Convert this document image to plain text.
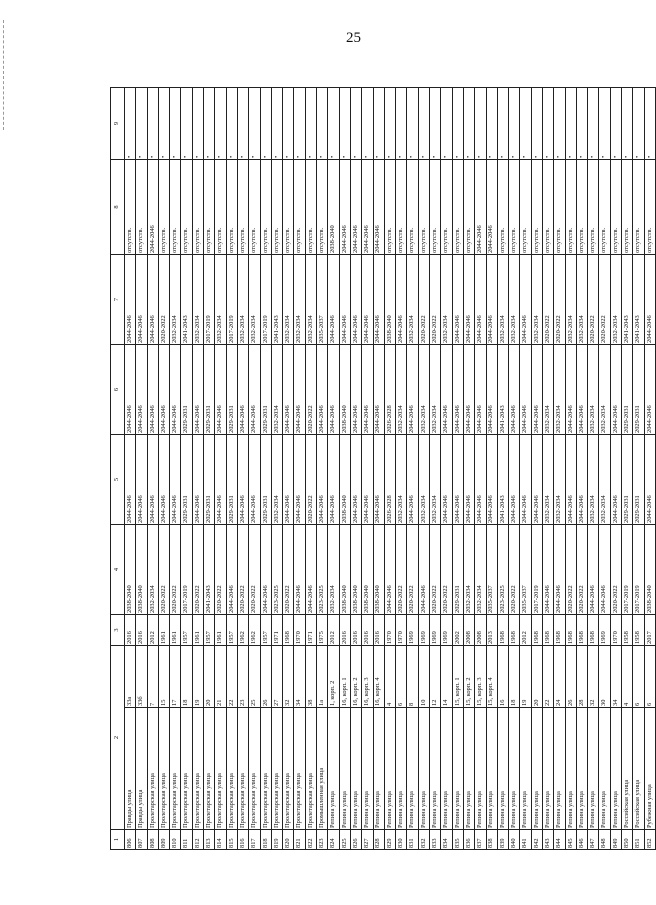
25
1	2		3	4	5	6	7	8	9
806	Правды улица	33а	2016	2038-2040	2044-2046	2044-2046	2044-2046	отсутств.	•
807	Правды улица	33б	2016	2038-2040	2044-2046	2044-2046	2044-2046	отсутств.	•
808	Пролетарская улица	7	2012	2032-2034	2044-2046	2044-2046	2044-2046	2044-2046	•
809	Пролетарская улица	15	1961	2020-2022	2044-2046	2044-2046	2020-2022	отсутств.	•
810	Пролетарская улица	17	1961	2020-2022	2044-2046	2044-2046	2032-2034	отсутств.	•
811	Пролетарская улица	18	1957	2017-2019	2029-2031	2029-2031	2041-2043	отсутств.	•
812	Пролетарская улица	19	1961	2020-2022	2044-2046	2044-2046	2032-2034	отсутств.	•
813	Пролетарская улица	20	1957	2041-2043	2029-2031	2029-2031	2017-2019	отсутств.	•
814	Пролетарская улица	21	1961	2020-2022	2044-2046	2044-2046	2032-2034	отсутств.	•
815	Пролетарская улица	22	1957	2044-2046	2029-2031	2029-2031	2017-2019	отсутств.	•
816	Пролетарская улица	23	1962	2020-2022	2044-2046	2044-2046	2032-2034	отсутств.	•
817	Пролетарская улица	25	1962	2020-2022	2044-2046	2044-2046	2032-2034	отсутств.	•
818	Пролетарская улица	26	1957	2044-2046	2029-2031	2029-2031	2017-2019	отсутств.	•
819	Пролетарская улица	27	1971	2023-2025	2032-2034	2032-2034	2041-2043	отсутств.	•
820	Пролетарская улица	32	1968	2020-2022	2044-2046	2044-2046	2032-2034	отсутств.	•
821	Пролетарская улица	34	1970	2044-2046	2044-2046	2044-2046	2032-2034	отсутств.	•
822	Пролетарская улица	38	1971	2044-2046	2020-2022	2020-2022	2032-2034	отсутств.	•
823	Промышленная улица	1а	1975	2023-2025	2044-2046	2044-2046	2035-2037	отсутств.	•
824	Репина улица	1, корп. 2	2012	2032-2034	2044-2046	2044-2046	2044-2046	2038-2040	•
825	Репина улица	16, корп. 1	2016	2038-2040	2038-2040	2038-2040	2044-2046	2044-2046	•
826	Репина улица	16, корп. 2	2016	2038-2040	2044-2046	2044-2046	2044-2046	2044-2046	•
827	Репина улица	16, корп. 3	2016	2038-2040	2044-2046	2044-2046	2044-2046	2044-2046	•
828	Репина улица	16, корп. 4	2016	2038-2040	2044-2046	2044-2046	2044-2046	2044-2046	•
829	Репина улица	4	1970	2044-2046	2026-2028	2026-2028	2038-2040	отсутств.	•
830	Репина улица	6	1970	2020-2022	2032-2034	2032-2034	2044-2046	отсутств.	•
831	Репина улица	8	1969	2020-2022	2044-2046	2044-2046	2032-2034	отсутств.	•
832	Репина улица	10	1969	2044-2046	2032-2034	2032-2034	2020-2022	отсутств.	•
833	Репина улица	12	1969	2020-2022	2032-2034	2032-2034	2020-2022	отсутств.	•
834	Репина улица	14	1969	2020-2022	2044-2046	2044-2046	2032-2034	отсутств.	•
835	Репина улица	15, корп. 1	2002	2029-2031	2044-2046	2044-2046	2044-2046	отсутств.	•
836	Репина улица	15, корп. 2	2008	2032-2034	2044-2046	2044-2046	2044-2046	отсутств.	•
837	Репина улица	15, корп. 3	2008	2032-2034	2044-2046	2044-2046	2044-2046	2044-2046	•
838	Репина улица	15, корп. 4	2013	2035-2037	2044-2046	2044-2046	2044-2046	2044-2046	•
839	Репина улица	16	1968	2023-2025	2041-2043	2041-2043	2032-2034	отсутств.	•
840	Репина улица	18	1968	2020-2022	2044-2046	2044-2046	2032-2034	отсутств.	•
841	Репина улица	19	2012	2035-2037	2044-2046	2044-2046	2044-2046	отсутств.	•
842	Репина улица	20	1968	2017-2019	2044-2046	2044-2046	2032-2034	отсутств.	•
843	Репина улица	22	1968	2044-2046	2032-2034	2032-2034	2020-2022	отсутств.	•
844	Репина улица	24	1968	2044-2046	2032-2034	2032-2034	2020-2022	отсутств.	•
845	Репина улица	26	1968	2020-2022	2044-2046	2044-2046	2032-2034	отсутств.	•
846	Репина улица	28	1968	2020-2022	2044-2046	2044-2046	2032-2034	отсутств.	•
847	Репина улица	32	1968	2044-2046	2032-2034	2032-2034	2020-2022	отсутств.	•
848	Репина улица	30	1969	2044-2046	2032-2034	2032-2034	2020-2022	отсутств.	•
849	Репина улица	34	1970	2020-2022	2044-2046	2044-2046	2032-2034	отсутств.	•
850	Российская улица	4	1958	2017-2019	2029-2031	2029-2031	2041-2043	отсутств.	•
851	Российская улица	6	1958	2017-2019	2029-2031	2029-2031	2041-2043	отсутств.	•
852	Рубежная улица	6	2017	2038-2040	2044-2046	2044-2046	2044-2046	отсутств.	•
